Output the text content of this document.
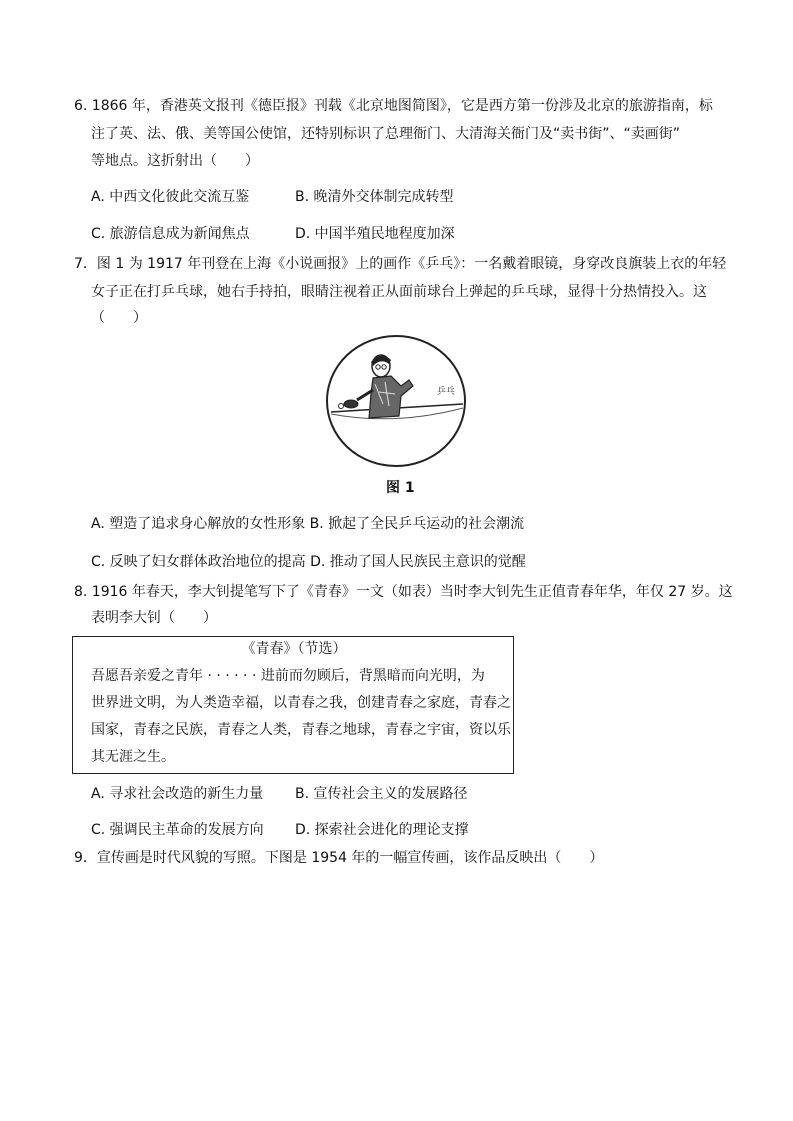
6. 1866 年，香港英文报刊《德臣报》刊载《北京地图简图》，它是西方第一份涉及北京的旅游指南，标
注了英、法、俄、美等国公使馆，还特别标识了总理衙门、大清海关衙门及“卖书街”、“卖画街”
等地点。这折射出（　　）
A. 中西文化彼此交流互鉴	B. 晚清外交体制完成转型
C. 旅游信息成为新闻焦点	D. 中国半殖民地程度加深
7．图 1 为 1917 年刊登在上海《小说画报》上的画作《乒乓》：一名戴着眼镜，身穿改良旗装上衣的年轻
女子正在打乒乓球，她右手持拍，眼睛注视着正从面前球台上弹起的乒乓球，显得十分热情投入。这
（　　）
乒乓
图 1
A. 塑造了追求身心解放的女性形象 B. 掀起了全民乒乓运动的社会潮流
C. 反映了妇女群体政治地位的提高 D. 推动了国人民族民主意识的觉醒
8. 1916 年春天，李大钊提笔写下了《青春》一文（如表）当时李大钊先生正值青春年华，年仅 27 岁。这
表明李大钊（　　）
《青春》（节选）
吾愿吾亲爱之青年 · · · · · · 进前而勿顾后，背黑暗而向光明，为
世界进文明，为人类造幸福，以青春之我，创建青春之家庭，青春之
国家，青春之民族，青春之人类，青春之地球，青春之宇宙，资以乐
其无涯之生。
A. 寻求社会改造的新生力量 B. 宣传社会主义的发展路径
C. 强调民主革命的发展方向 D. 探索社会进化的理论支撑
9．宣传画是时代风貌的写照。下图是 1954 年的一幅宣传画，该作品反映出（　　）
